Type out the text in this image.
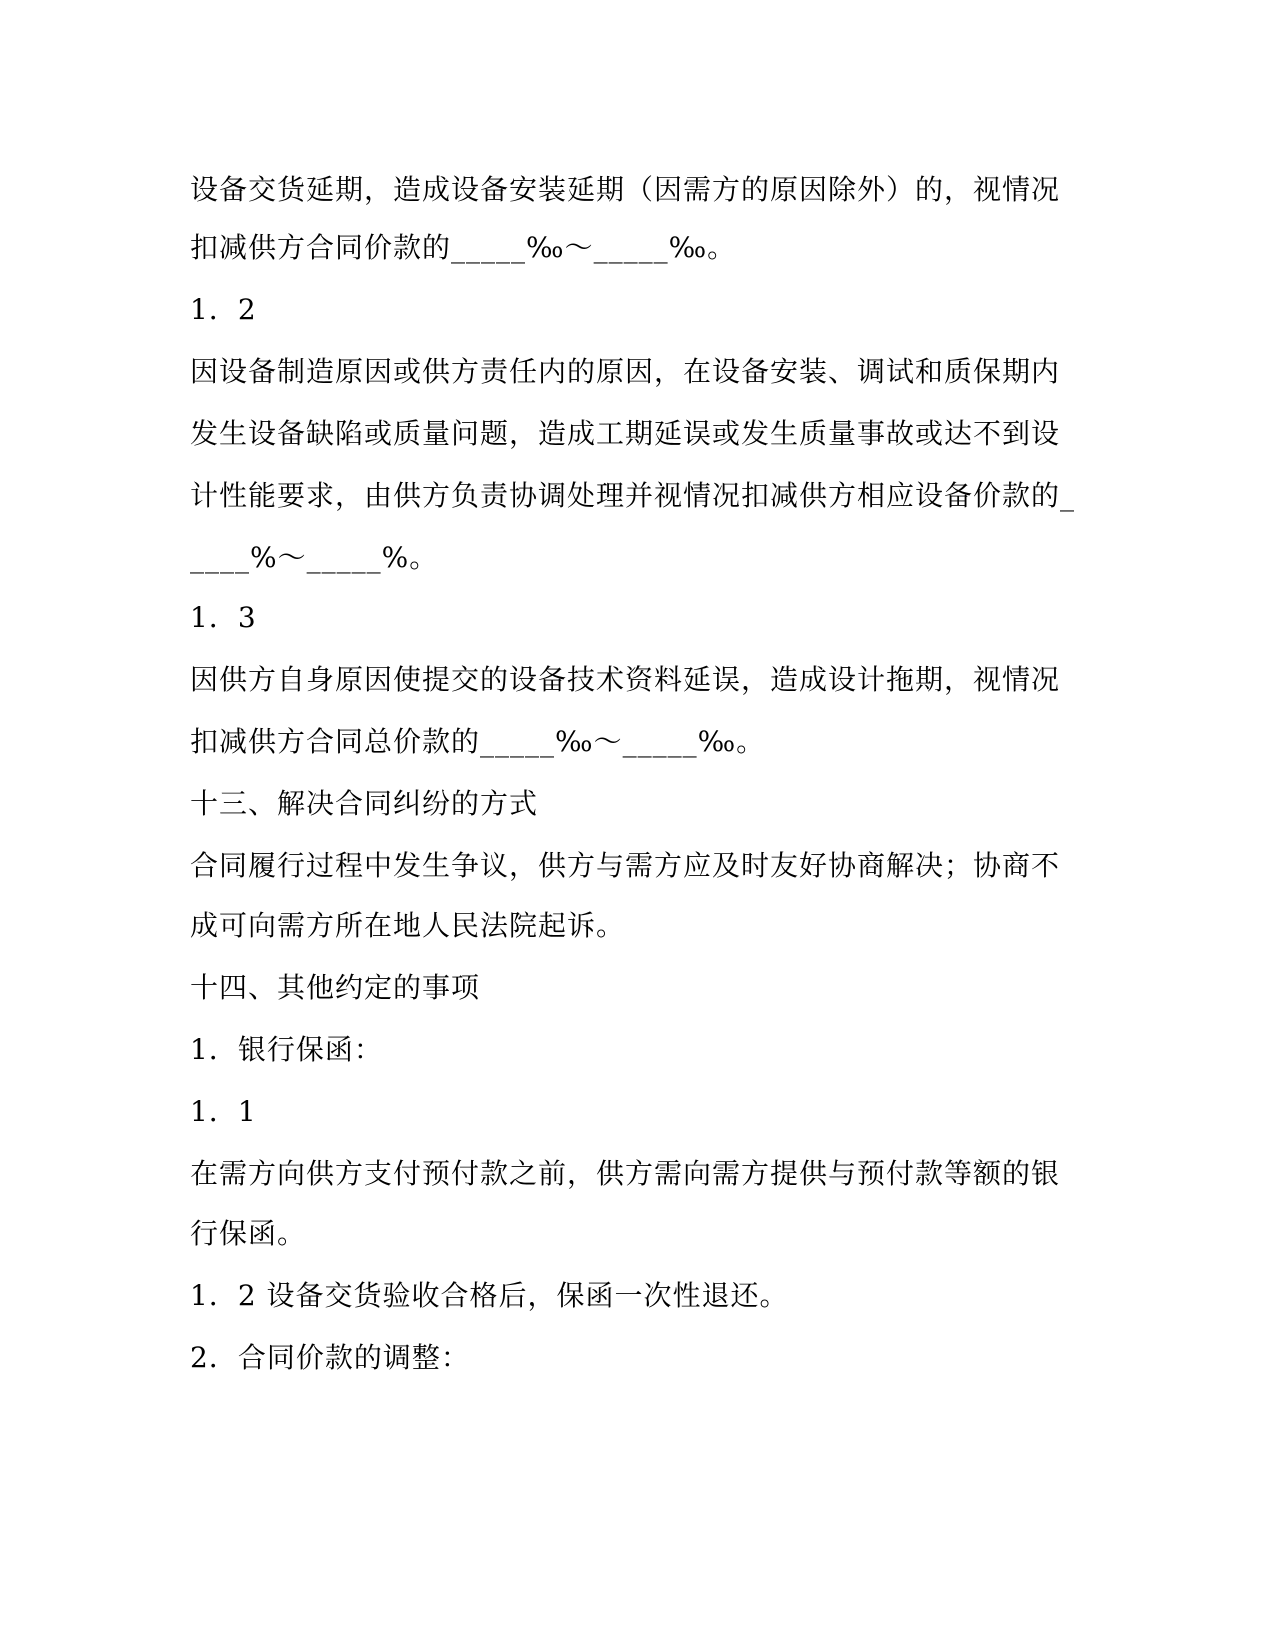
设备交货延期，造成设备安装延期（因需方的原因除外）的，视情况
扣减供方合同价款的_____‰～_____‰。
1．2
因设备制造原因或供方责任内的原因，在设备安装、调试和质保期内
发生设备缺陷或质量问题，造成工期延误或发生质量事故或达不到设
计性能要求，由供方负责协调处理并视情况扣减供方相应设备价款的_
____%～_____%。
1．3
因供方自身原因使提交的设备技术资料延误，造成设计拖期，视情况
扣减供方合同总价款的_____‰～_____‰。
十三、解决合同纠纷的方式
合同履行过程中发生争议，供方与需方应及时友好协商解决；协商不
成可向需方所在地人民法院起诉。
十四、其他约定的事项
1．银行保函：
1．1
在需方向供方支付预付款之前，供方需向需方提供与预付款等额的银
行保函。
1．2 设备交货验收合格后，保函一次性退还。
2．合同价款的调整：
